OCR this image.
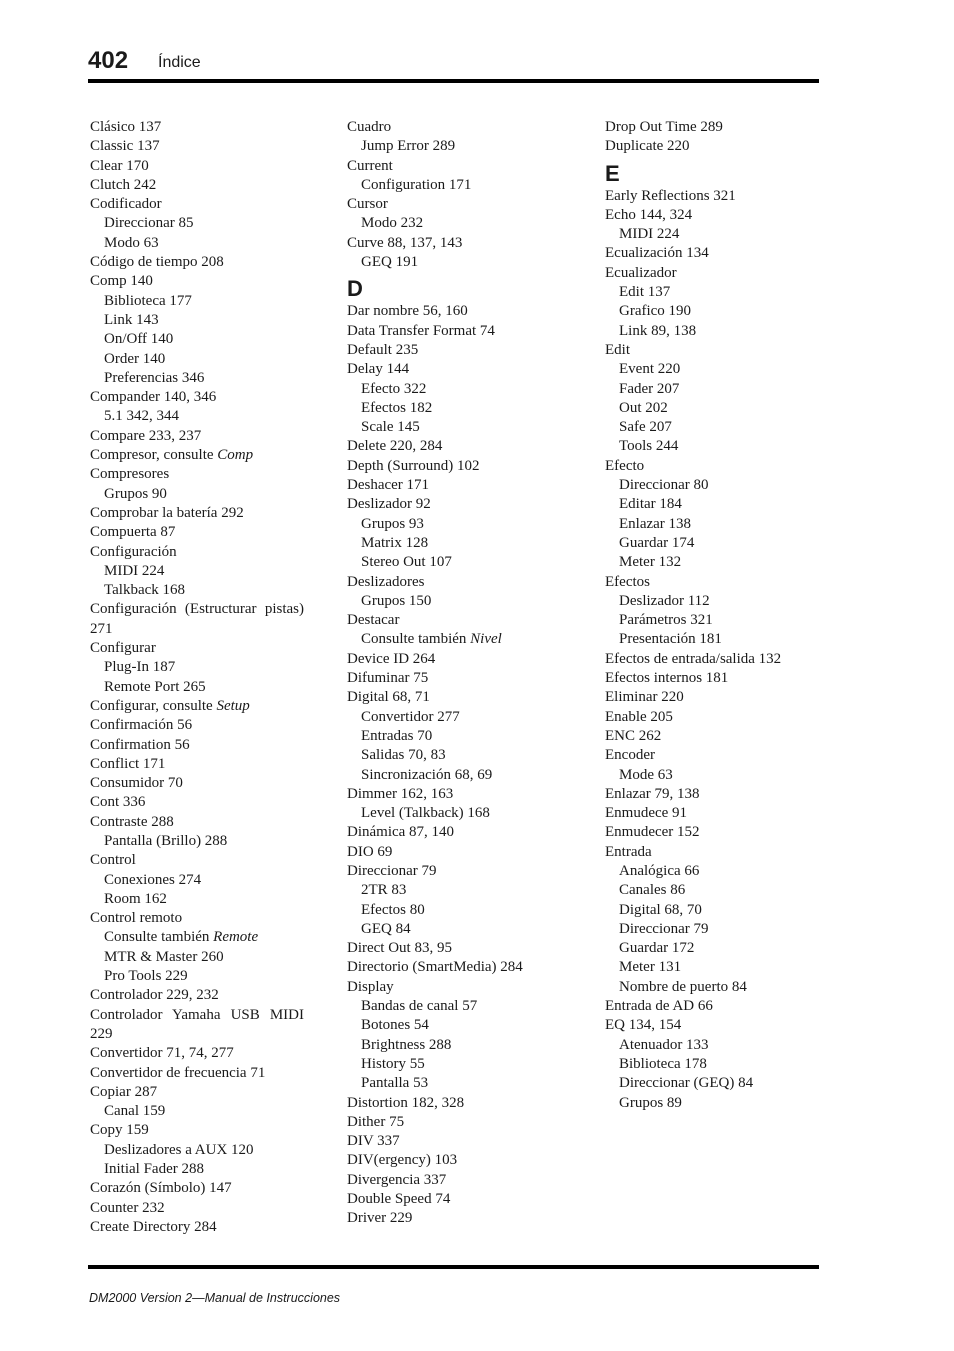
402 Índice
Clásico 137
Classic 137
Clear 170
Clutch 242
Codificador
Direccionar 85
Modo 63
Código de tiempo 208
Comp 140
Biblioteca 177
Link 143
On/Off 140
Order 140
Preferencias 346
Compander 140, 346
5.1 342, 344
Compare 233, 237
Compresor, consulte Comp
Compresores
Grupos 90
Comprobar la batería 292
Compuerta 87
Configuración
MIDI 224
Talkback 168
Configuración (Estructurar pistas) 271
Configurar
Plug-In 187
Remote Port 265
Configurar, consulte Setup
Confirmación 56
Confirmation 56
Conflict 171
Consumidor 70
Cont 336
Contraste 288
Pantalla (Brillo) 288
Control
Conexiones 274
Room 162
Control remoto
Consulte también Remote
MTR & Master 260
Pro Tools 229
Controlador 229, 232
Controlador Yamaha USB MIDI 229
Convertidor 71, 74, 277
Convertidor de frecuencia 71
Copiar 287
Canal 159
Copy 159
Deslizadores a AUX 120
Initial Fader 288
Corazón (Símbolo) 147
Counter 232
Create Directory 284
Cuadro
Jump Error 289
Current
Configuration 171
Cursor
Modo 232
Curve 88, 137, 143
GEQ 191
D
Dar nombre 56, 160
Data Transfer Format 74
Default 235
Delay 144
Efecto 322
Efectos 182
Scale 145
Delete 220, 284
Depth (Surround) 102
Deshacer 171
Deslizador 92
Grupos 93
Matrix 128
Stereo Out 107
Deslizadores
Grupos 150
Destacar
Consulte también Nivel
Device ID 264
Difuminar 75
Digital 68, 71
Convertidor 277
Entradas 70
Salidas 70, 83
Sincronización 68, 69
Dimmer 162, 163
Level (Talkback) 168
Dinámica 87, 140
DIO 69
Direccionar 79
2TR 83
Efectos 80
GEQ 84
Direct Out 83, 95
Directorio (SmartMedia) 284
Display
Bandas de canal 57
Botones 54
Brightness 288
History 55
Pantalla 53
Distortion 182, 328
Dither 75
DIV 337
DIV(ergency) 103
Divergencia 337
Double Speed 74
Driver 229
Drop Out Time 289
Duplicate 220
E
Early Reflections 321
Echo 144, 324
MIDI 224
Ecualización 134
Ecualizador
Edit 137
Grafico 190
Link 89, 138
Edit
Event 220
Fader 207
Out 202
Safe 207
Tools 244
Efecto
Direccionar 80
Editar 184
Enlazar 138
Guardar 174
Meter 132
Efectos
Deslizador 112
Parámetros 321
Presentación 181
Efectos de entrada/salida 132
Efectos internos 181
Eliminar 220
Enable 205
ENC 262
Encoder
Mode 63
Enlazar 79, 138
Enmudece 91
Enmudecer 152
Entrada
Analógica 66
Canales 86
Digital 68, 70
Direccionar 79
Guardar 172
Meter 131
Nombre de puerto 84
Entrada de AD 66
EQ 134, 154
Atenuador 133
Biblioteca 178
Direccionar (GEQ) 84
Grupos 89
DM2000 Version 2—Manual de Instrucciones
